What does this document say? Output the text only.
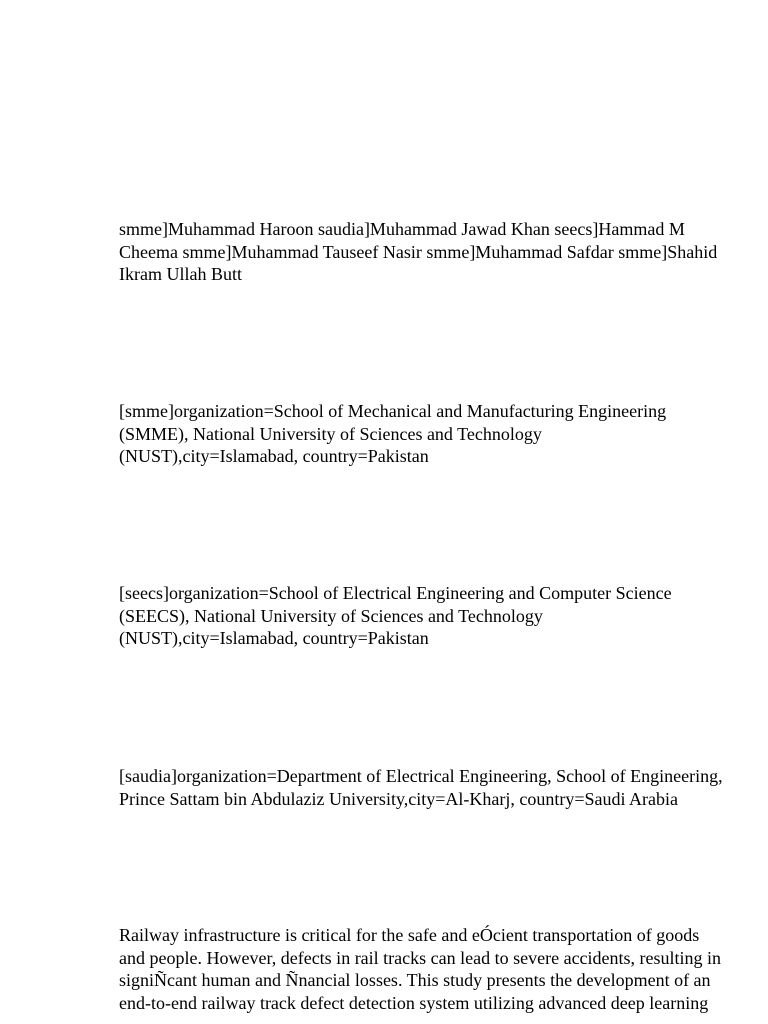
smme]Muhammad Haroon saudia]Muhammad Jawad Khan seecs]Hammad M
Cheema smme]Muhammad Tauseef Nasir smme]Muhammad Safdar smme]Shahid
Ikram Ullah Butt

[smme]organization=School of Mechanical and Manufacturing Engineering
(SMME), National University of Sciences and Technology
(NUST),city=Islamabad, country=Pakistan

[seecs]organization=School of Electrical Engineering and Computer Science
(SEECS), National University of Sciences and Technology
(NUST),city=Islamabad, country=Pakistan

[saudia]organization=Department of Electrical Engineering, School of Engineering,
Prince Sattam bin Abdulaziz University,city=Al-Kharj, country=Saudi Arabia

Railway infrastructure is critical for the safe and eÓcient transportation of goods
and people. However, defects in rail tracks can lead to severe accidents, resulting in
signiÑcant human and Ñnancial losses. This study presents the development of an
end-to-end railway track defect detection system utilizing advanced deep learning
